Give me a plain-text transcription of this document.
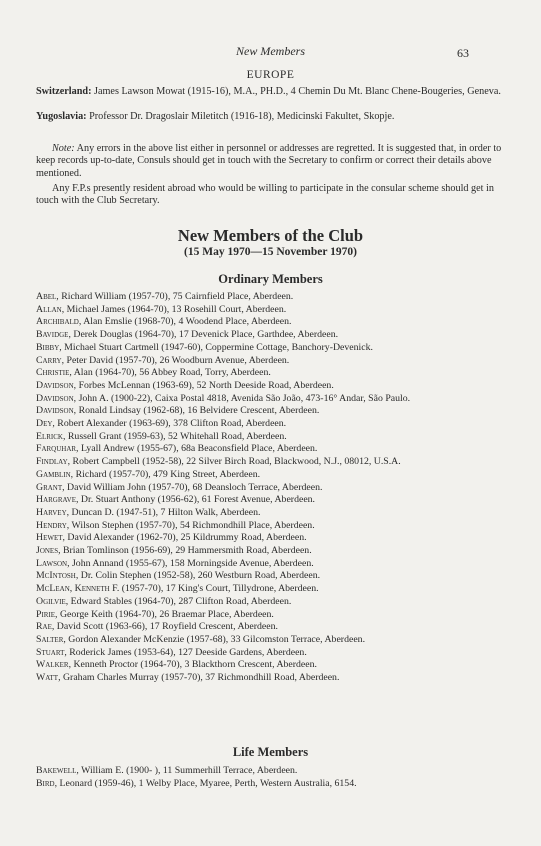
New Members	63
EUROPE
Switzerland: James Lawson Mowat (1915-16), M.A., PH.D., 4 Chemin Du Mt. Blanc Chene-Bougeries, Geneva.
Yugoslavia: Professor Dr. Dragoslair Miletitch (1916-18), Medicinski Fakultet, Skopje.
Note: Any errors in the above list either in personnel or addresses are regretted. It is suggested that, in order to keep records up-to-date, Consuls should get in touch with the Secretary to confirm or correct their details above mentioned.
Any F.P.s presently resident abroad who would be willing to participate in the consular scheme should get in touch with the Club Secretary.
New Members of the Club
(15 May 1970—15 November 1970)
Ordinary Members
Abel, Richard William (1957-70), 75 Cairnfield Place, Aberdeen.
Allan, Michael James (1964-70), 13 Rosehill Court, Aberdeen.
Archibald, Alan Emslie (1968-70), 4 Woodend Place, Aberdeen.
Bavidge, Derek Douglas (1964-70), 17 Devenick Place, Garthdee, Aberdeen.
Bibby, Michael Stuart Cartmell (1947-60), Coppermine Cottage, Banchory-Devenick.
Carry, Peter David (1957-70), 26 Woodburn Avenue, Aberdeen.
Christie, Alan (1964-70), 56 Abbey Road, Torry, Aberdeen.
Davidson, Forbes McLennan (1963-69), 52 North Deeside Road, Aberdeen.
Davidson, John A. (1900-22), Caixa Postal 4818, Avenida São João, 473-16° Andar, São Paulo.
Davidson, Ronald Lindsay (1962-68), 16 Belvidere Crescent, Aberdeen.
Dey, Robert Alexander (1963-69), 378 Clifton Road, Aberdeen.
Elrick, Russell Grant (1959-63), 52 Whitehall Road, Aberdeen.
Farquhar, Lyall Andrew (1955-67), 68a Beaconsfield Place, Aberdeen.
Findlay, Robert Campbell (1952-58), 22 Silver Birch Road, Blackwood, N.J., 08012, U.S.A.
Gamblin, Richard (1957-70), 479 King Street, Aberdeen.
Grant, David William John (1957-70), 68 Deansloch Terrace, Aberdeen.
Hargrave, Dr. Stuart Anthony (1956-62), 61 Forest Avenue, Aberdeen.
Harvey, Duncan D. (1947-51), 7 Hilton Walk, Aberdeen.
Hendry, Wilson Stephen (1957-70), 54 Richmondhill Place, Aberdeen.
Hewet, David Alexander (1962-70), 25 Kildrummy Road, Aberdeen.
Jones, Brian Tomlinson (1956-69), 29 Hammersmith Road, Aberdeen.
Lawson, John Annand (1955-67), 158 Morningside Avenue, Aberdeen.
McIntosh, Dr. Colin Stephen (1952-58), 260 Westburn Road, Aberdeen.
McLean, Kenneth F. (1957-70), 17 King's Court, Tillydrone, Aberdeen.
Ogilvie, Edward Stables (1964-70), 287 Clifton Road, Aberdeen.
Pirie, George Keith (1964-70), 26 Braemar Place, Aberdeen.
Rae, David Scott (1963-66), 17 Royfield Crescent, Aberdeen.
Salter, Gordon Alexander McKenzie (1957-68), 33 Gilcomston Terrace, Aberdeen.
Stuart, Roderick James (1953-64), 127 Deeside Gardens, Aberdeen.
Walker, Kenneth Proctor (1964-70), 3 Blackthorn Crescent, Aberdeen.
Watt, Graham Charles Murray (1957-70), 37 Richmondhill Road, Aberdeen.
Life Members
Bakewell, William E. (1900- ), 11 Summerhill Terrace, Aberdeen.
Bird, Leonard (1959-46), 1 Welby Place, Myaree, Perth, Western Australia, 6154.
